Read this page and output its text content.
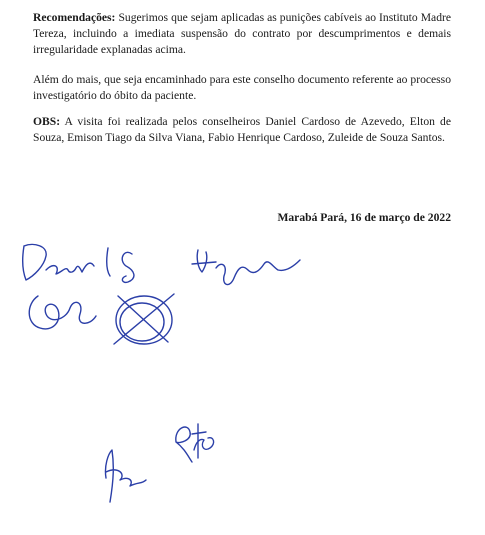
Recomendações: Sugerimos que sejam aplicadas as punições cabíveis ao Instituto Madre Tereza, incluindo a imediata suspensão do contrato por descumprimentos e demais irregularidade explanadas acima.

Além do mais, que seja encaminhado para este conselho documento referente ao processo investigatório do óbito da paciente.

OBS: A visita foi realizada pelos conselheiros Daniel Cardoso de Azevedo, Elton de Souza, Emison Tiago da Silva Viana, Fabio Henrique Cardoso, Zuleide de Souza Santos.

Marabá Pará, 16 de março de 2022
